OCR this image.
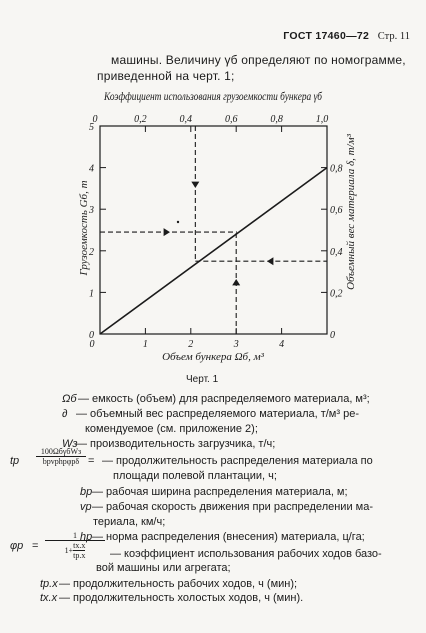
ГОСТ 17460—72 Стр. 11
машины. Величину γб определяют по номограмме,
приведенной на черт. 1;
0	0,2	0,4	0,6	0,8	1,0
0	1	2	3	4
0
1
2
3
4
5
0
0,2
0,4
0,6
0,8
Коэффициент использования грузоемкости бункера γб
Объем бункера Ωб, м³
Грузоемкость Gб, т	Объемный вес материала δ, т/м³
Черт. 1
Ωб — емкость (объем) для распределяемого материала, м³;
∂ — объемный вес распределяемого материала, т/м³ ре-
комендуемое (см. приложение 2);
Wз
— производительность загрузчика, т/ч;
— продолжительность распределения материала по
площади полевой плантации, ч;
bр — рабочая ширина распределения материала, м;
vр — рабочая скорость движения при распределении ма-
териала, км/ч;
hр — норма распределения (внесения) материала, ц/га;
— коэффициент использования рабочих ходов базо-
вой машины или агрегата;
tр.х — продолжительность рабочих ходов, ч (мин);
tх.х — продолжительность холостых ходов, ч (мин).
100ΩбγбWз
bрvрhрφрδ
tр	=
φр =
1
1+
tх.х
tр.х
